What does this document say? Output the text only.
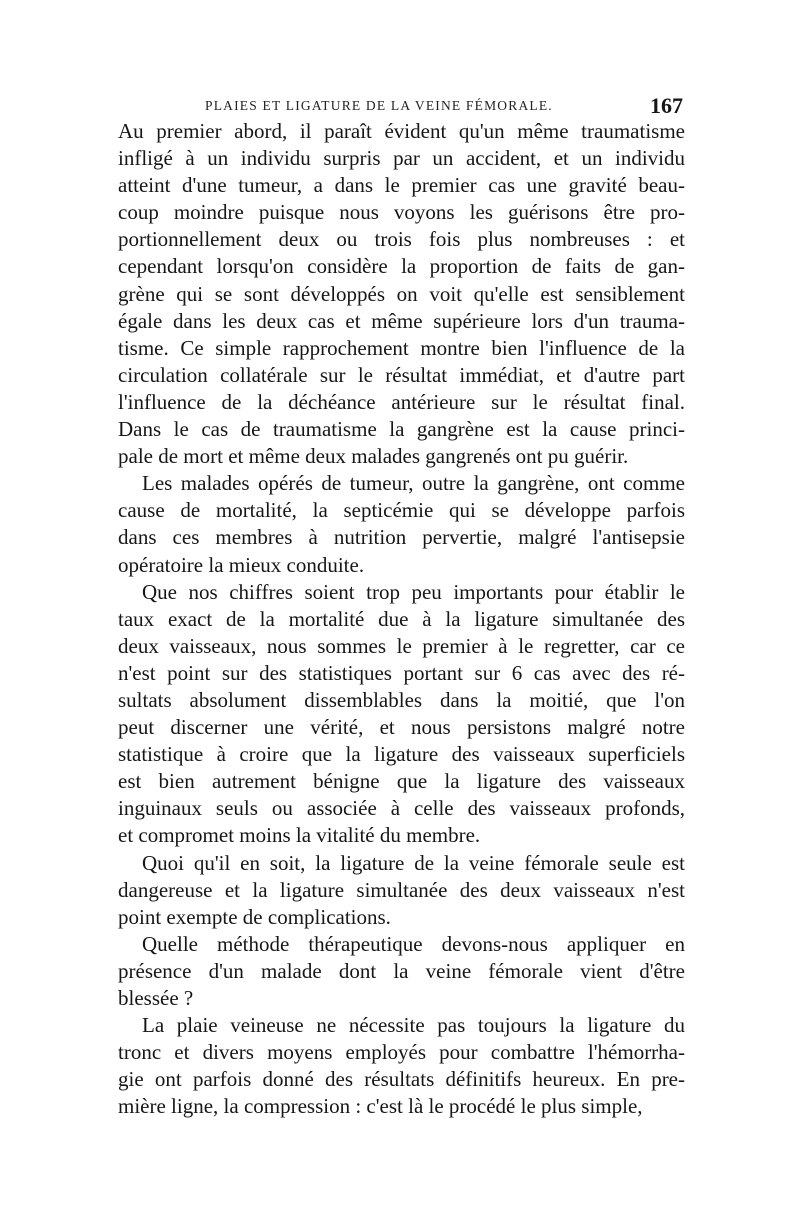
PLAIES ET LIGATURE DE LA VEINE FÉMORALE.	167
Au premier abord, il paraît évident qu'un même traumatisme
infligé à un individu surpris par un accident, et un individu
atteint d'une tumeur, a dans le premier cas une gravité beau-
coup moindre puisque nous voyons les guérisons être pro-
portionnellement deux ou trois fois plus nombreuses : et
cependant lorsqu'on considère la proportion de faits de gan-
grène qui se sont développés on voit qu'elle est sensiblement
égale dans les deux cas et même supérieure lors d'un trauma-
tisme. Ce simple rapprochement montre bien l'influence de la
circulation collatérale sur le résultat immédiat, et d'autre part
l'influence de la déchéance antérieure sur le résultat final.
Dans le cas de traumatisme la gangrène est la cause princi-
pale de mort et même deux malades gangrenés ont pu guérir.
Les malades opérés de tumeur, outre la gangrène, ont comme
cause de mortalité, la septicémie qui se développe parfois
dans ces membres à nutrition pervertie, malgré l'antisepsie
opératoire la mieux conduite.
Que nos chiffres soient trop peu importants pour établir le
taux exact de la mortalité due à la ligature simultanée des
deux vaisseaux, nous sommes le premier à le regretter, car ce
n'est point sur des statistiques portant sur 6 cas avec des ré-
sultats absolument dissemblables dans la moitié, que l'on
peut discerner une vérité, et nous persistons malgré notre
statistique à croire que la ligature des vaisseaux superficiels
est bien autrement bénigne que la ligature des vaisseaux
inguinaux seuls ou associée à celle des vaisseaux profonds,
et compromet moins la vitalité du membre.
Quoi qu'il en soit, la ligature de la veine fémorale seule est
dangereuse et la ligature simultanée des deux vaisseaux n'est
point exempte de complications.
Quelle méthode thérapeutique devons-nous appliquer en
présence d'un malade dont la veine fémorale vient d'être
blessée ?
La plaie veineuse ne nécessite pas toujours la ligature du
tronc et divers moyens employés pour combattre l'hémorrha-
gie ont parfois donné des résultats définitifs heureux. En pre-
mière ligne, la compression : c'est là le procédé le plus simple,
